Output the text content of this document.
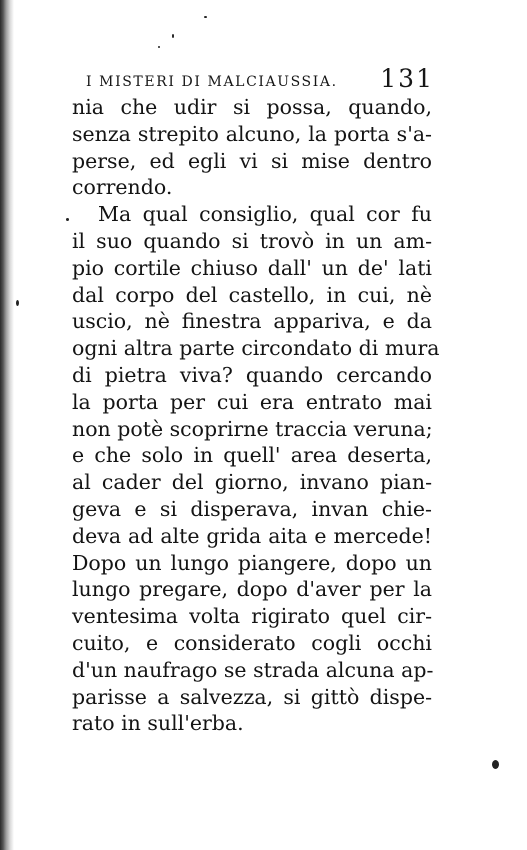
I MISTERI DI MALCIAUSSIA. 131
nia che udir si possa, quando,
senza strepito alcuno, la porta s'a-
perse, ed egli vi si mise dentro
correndo.
Ma qual consiglio, qual cor fu
il suo quando si trovò in un am-
pio cortile chiuso dall' un de' lati
dal corpo del castello, in cui, nè
uscio, nè finestra appariva, e da
ogni altra parte circondato di mura
di pietra viva? quando cercando
la porta per cui era entrato mai
non potè scoprirne traccia veruna;
e che solo in quell' area deserta,
al cader del giorno, invano pian-
geva e si disperava, invan chie-
deva ad alte grida aita e mercede!
Dopo un lungo piangere, dopo un
lungo pregare, dopo d'aver per la
ventesima volta rigirato quel cir-
cuito, e considerato cogli occhi
d'un naufrago se strada alcuna ap-
parisse a salvezza, si gittò dispe-
rato in sull'erba.
